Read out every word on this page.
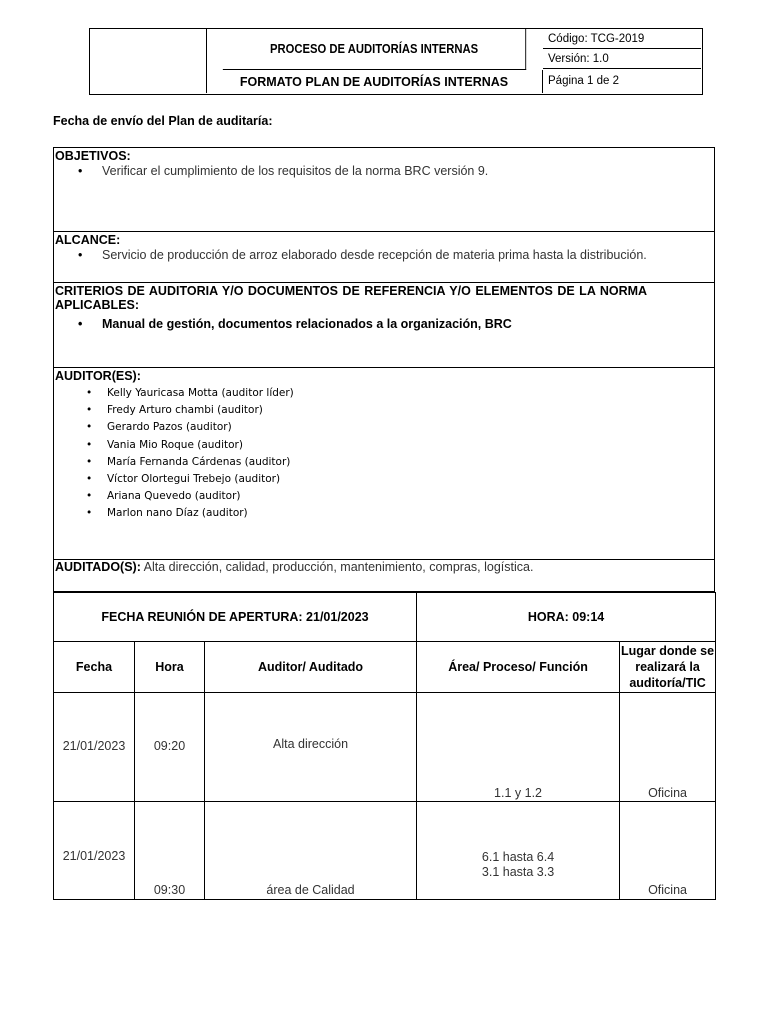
PROCESO DE AUDITORÍAS INTERNAS
FORMATO PLAN DE AUDITORÍAS INTERNAS
Código: TCG-2019
Versión: 1.0
Página 1 de 2
Fecha de envío del Plan de auditaría:
OBJETIVOS:
• Verificar el cumplimiento de los requisitos de la norma BRC versión 9.
ALCANCE:
• Servicio de producción de arroz elaborado desde recepción de materia prima hasta la distribución.
CRITERIOS DE AUDITORIA Y/O DOCUMENTOS DE REFERENCIA Y/O ELEMENTOS DE LA NORMA
APLICABLES:
• Manual de gestión, documentos relacionados a la organización, BRC
AUDITOR(ES):
• Kelly Yauricasa Motta (auditor líder)
• Fredy Arturo chambi (auditor)
• Gerardo Pazos (auditor)
• Vania Mio Roque (auditor)
• María Fernanda Cárdenas (auditor)
• Víctor Olortegui Trebejo (auditor)
• Ariana Quevedo (auditor)
• Marlon nano Díaz (auditor)
AUDITADO(S): Alta dirección, calidad, producción, mantenimiento, compras, logística.
FECHA REUNIÓN DE APERTURA: 21/01/2023			HORA: 09:14	
Fecha	Hora	Auditor/ Auditado	Área/ Proceso/ Función	Lugar donde se realizará la auditoría/TIC

21/01/2023	09:20	Alta dirección	1.1 y 1.2	Oficina

21/01/2023	09:30	área de Calidad	6.1 hasta 6.4
3.1 hasta 3.3	Oficina
